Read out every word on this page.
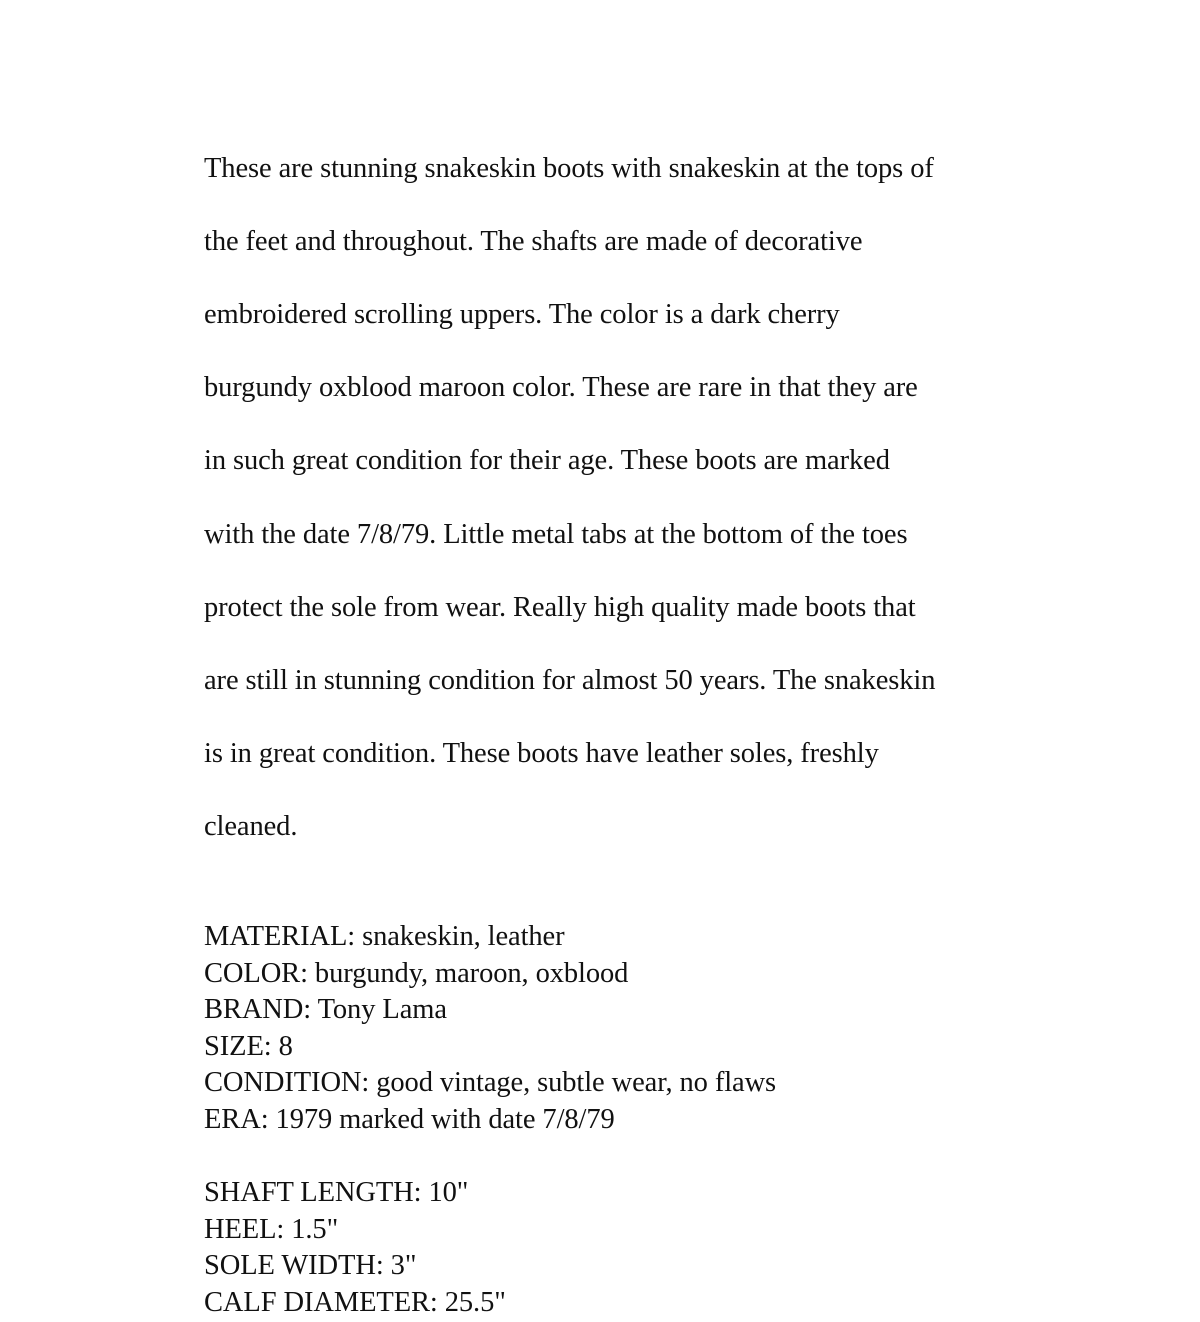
These are stunning snakeskin boots with snakeskin at the tops of

the feet and throughout. The shafts are made of decorative

embroidered scrolling uppers. The color is a dark cherry

burgundy oxblood maroon color. These are rare in that they are

in such great condition for their age. These boots are marked

with the date 7/8/79. Little metal tabs at the bottom of the toes

protect the sole from wear. Really high quality made boots that

are still in stunning condition for almost 50 years. The snakeskin

is in great condition. These boots have leather soles, freshly

cleaned.

MATERIAL: snakeskin, leather
COLOR: burgundy, maroon, oxblood
BRAND: Tony Lama
SIZE: 8
CONDITION: good vintage, subtle wear, no flaws
ERA: 1979 marked with date 7/8/79
SHAFT LENGTH: 10"
HEEL: 1.5"
SOLE WIDTH: 3"
CALF DIAMETER: 25.5"
